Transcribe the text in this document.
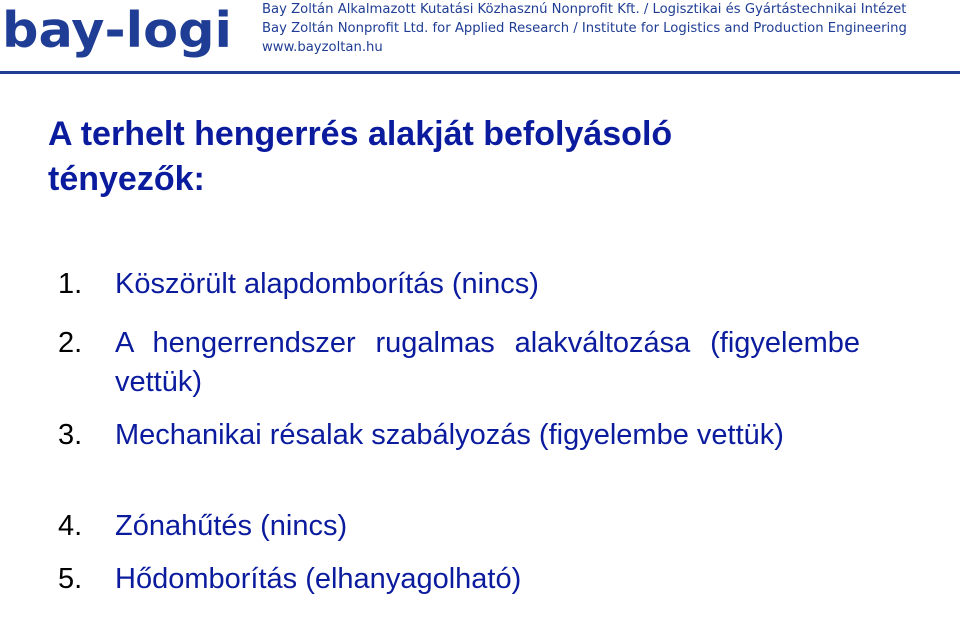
bay-logi Bay Zoltán Alkalmazott Kutatási Közhasznú Nonprofit Kft. / Logisztikai és Gyártástechnikai Intézet
Bay Zoltán Nonprofit Ltd. for Applied Research / Institute for Logistics and Production Engineering
www.bayzoltan.hu
A terhelt hengerrés alakját befolyásoló
tényezők:
1. Köszörült alapdomborítás (nincs)
2. A hengerrendszer rugalmas alakváltozása (figyelembe vettük)
3. Mechanikai résalak szabályozás (figyelembe vettük)
4. Zónahűtés (nincs)
5. Hődomborítás (elhanyagolható)
